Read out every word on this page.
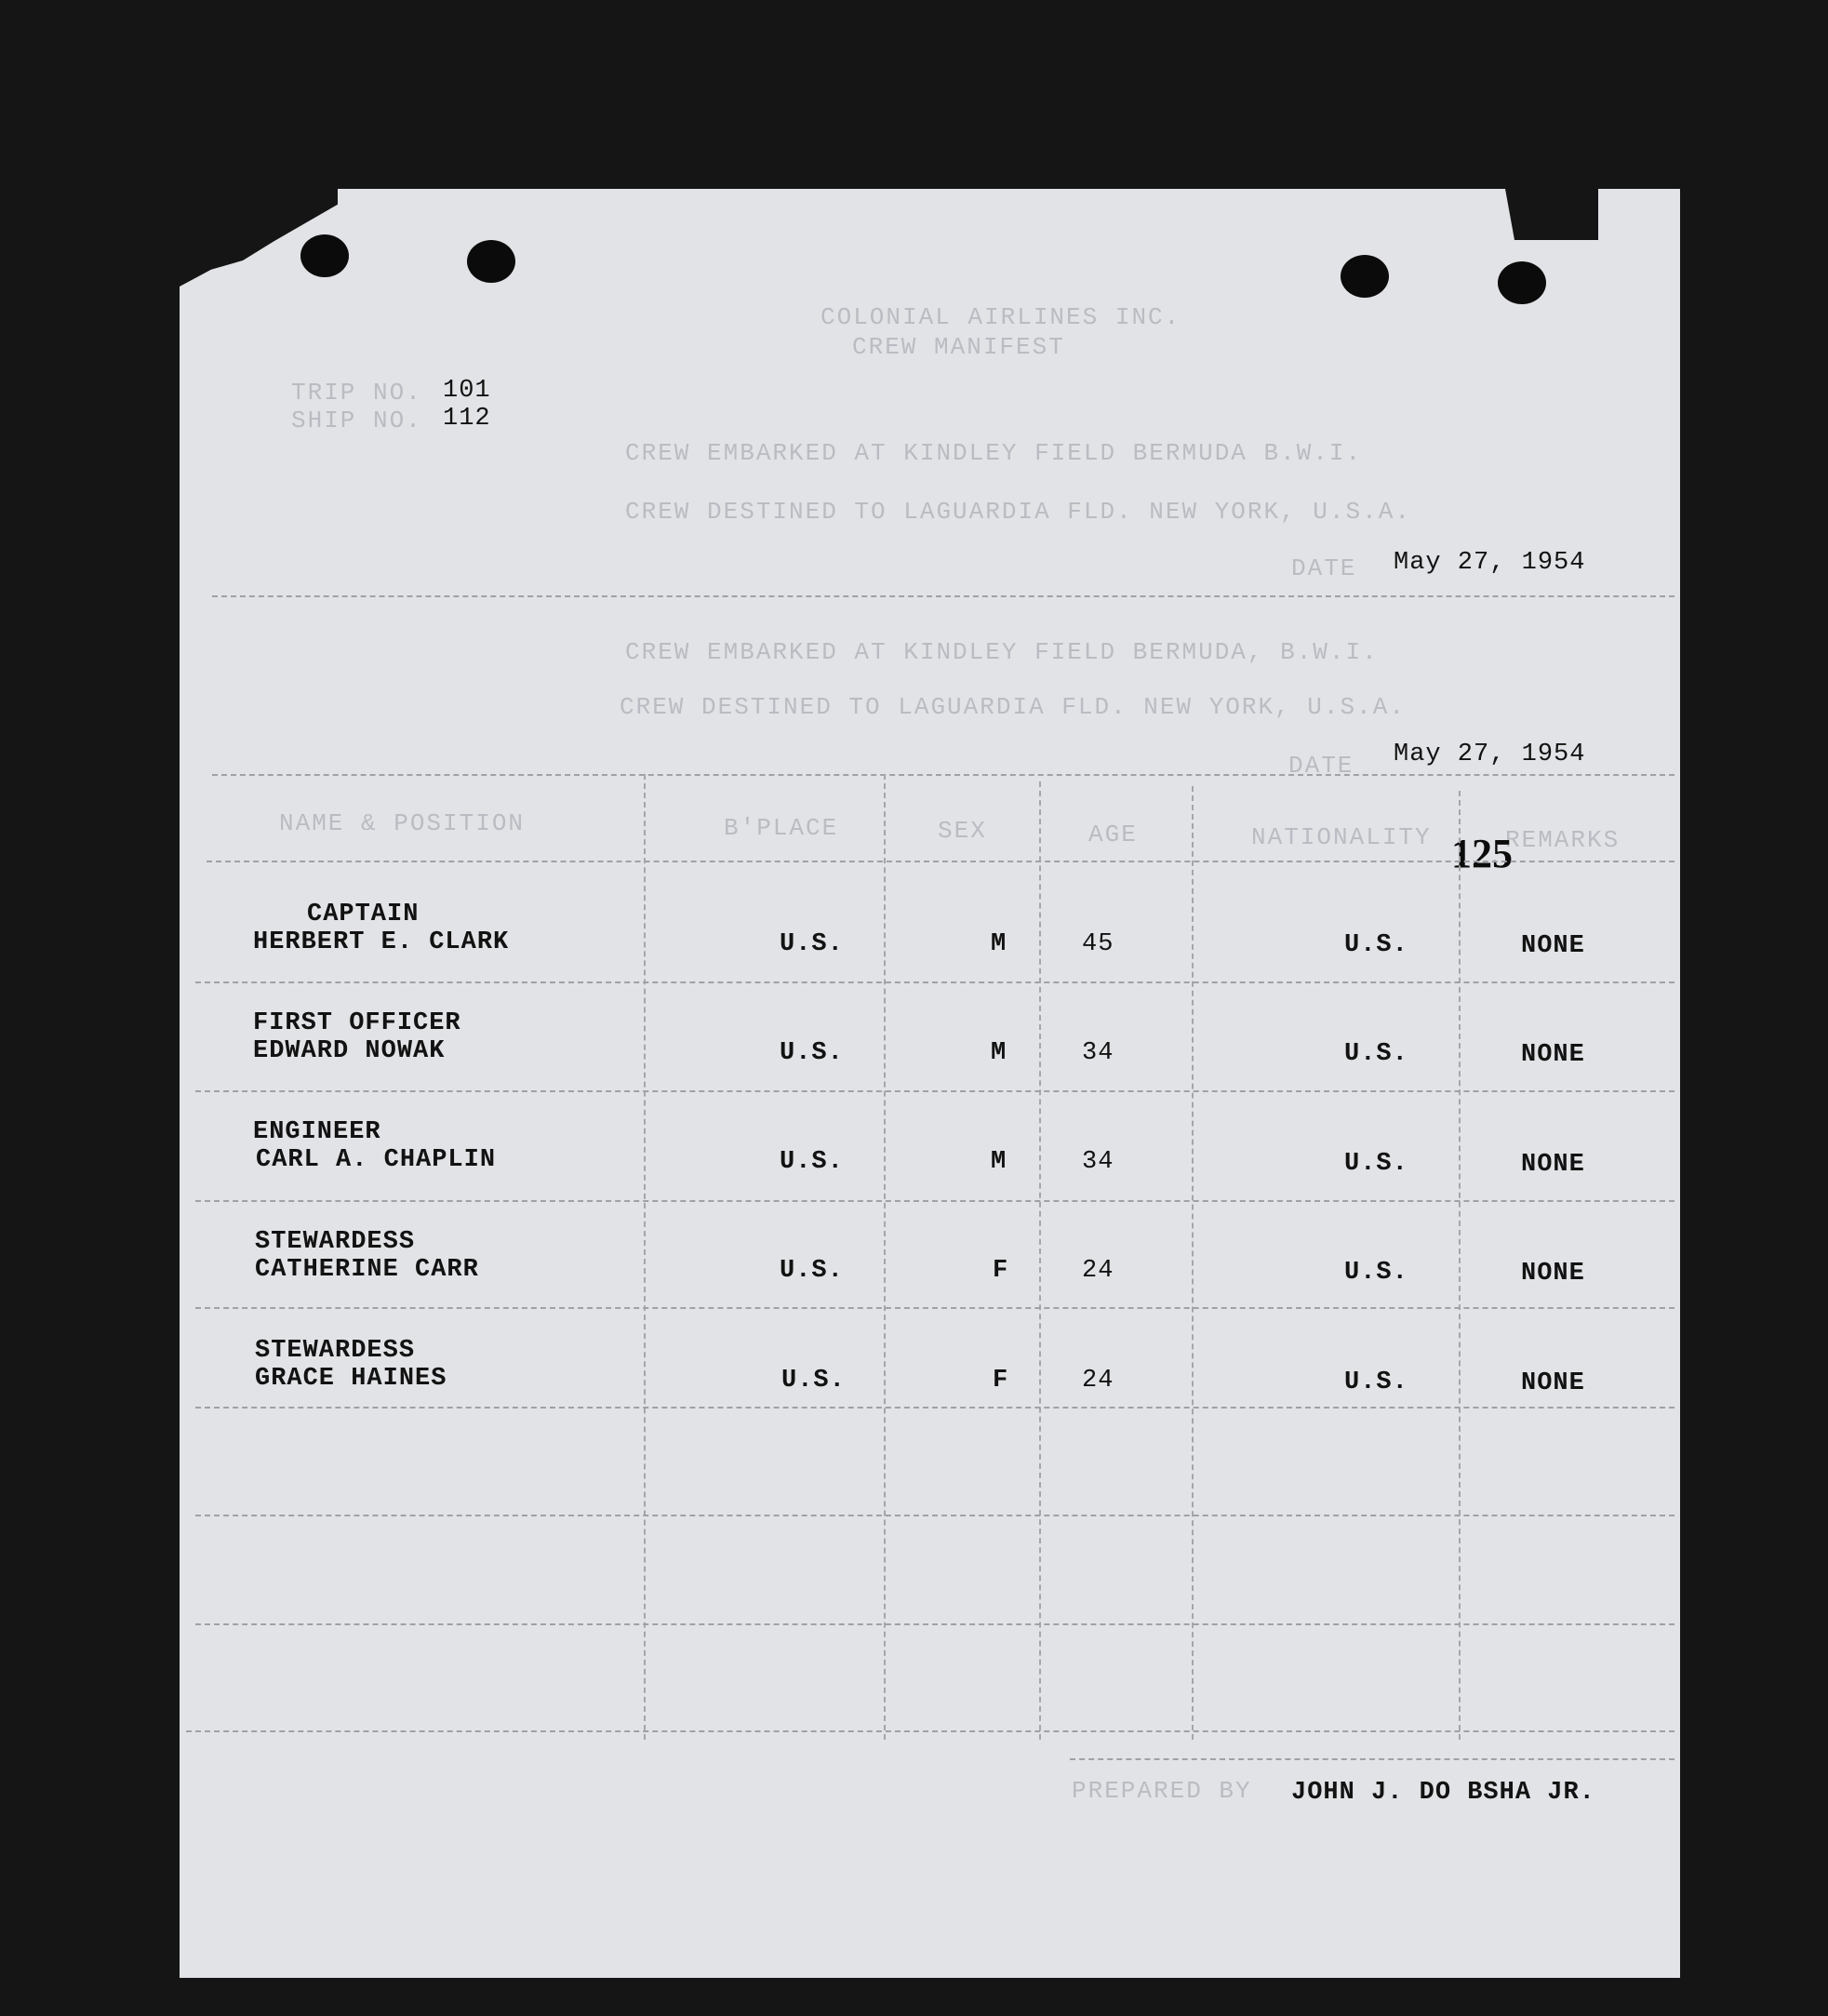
COLONIAL AIRLINES INC.
CREW MANIFEST
TRIP NO. 101
SHIP NO. 112
CREW EMBARKED AT KINDLEY FIELD BERMUDA B.W.I.
CREW DESTINED TO LAGUARDIA FLD. NEW YORK, U.S.A.
DATE May 27, 1954
CREW EMBARKED AT KINDLEY FIELD BERMUDA, B.W.I.
CREW DESTINED TO LAGUARDIA FLD. NEW YORK, U.S.A.
DATE May 27, 1954
NAME & POSITION	B'PLACE	SEX	AGE	NATIONALITY	REMARKS
125
CAPTAIN
HERBERT E. CLARK	U.S.	M	45	U.S.	NONE
FIRST OFFICER
EDWARD NOWAK	U.S.	M	34	U.S.	NONE
ENGINEER
CARL A. CHAPLIN	U.S.	M	34	U.S.	NONE
STEWARDESS
CATHERINE CARR	U.S.	F	24	U.S.	NONE
STEWARDESS
GRACE HAINES	U.S.	F	24	U.S.	NONE
PREPARED BY JOHN J. DO BSHA JR.
